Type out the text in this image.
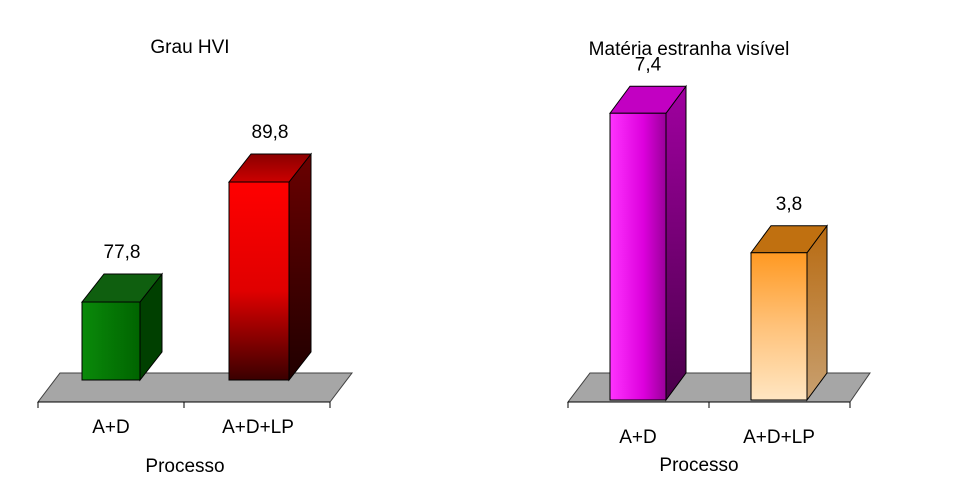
Grau HVI
77,8
89,8
A+D	A+D+LP
Processo
Matéria estranha visível
7,4
3,8
A+D	A+D+LP
Processo
